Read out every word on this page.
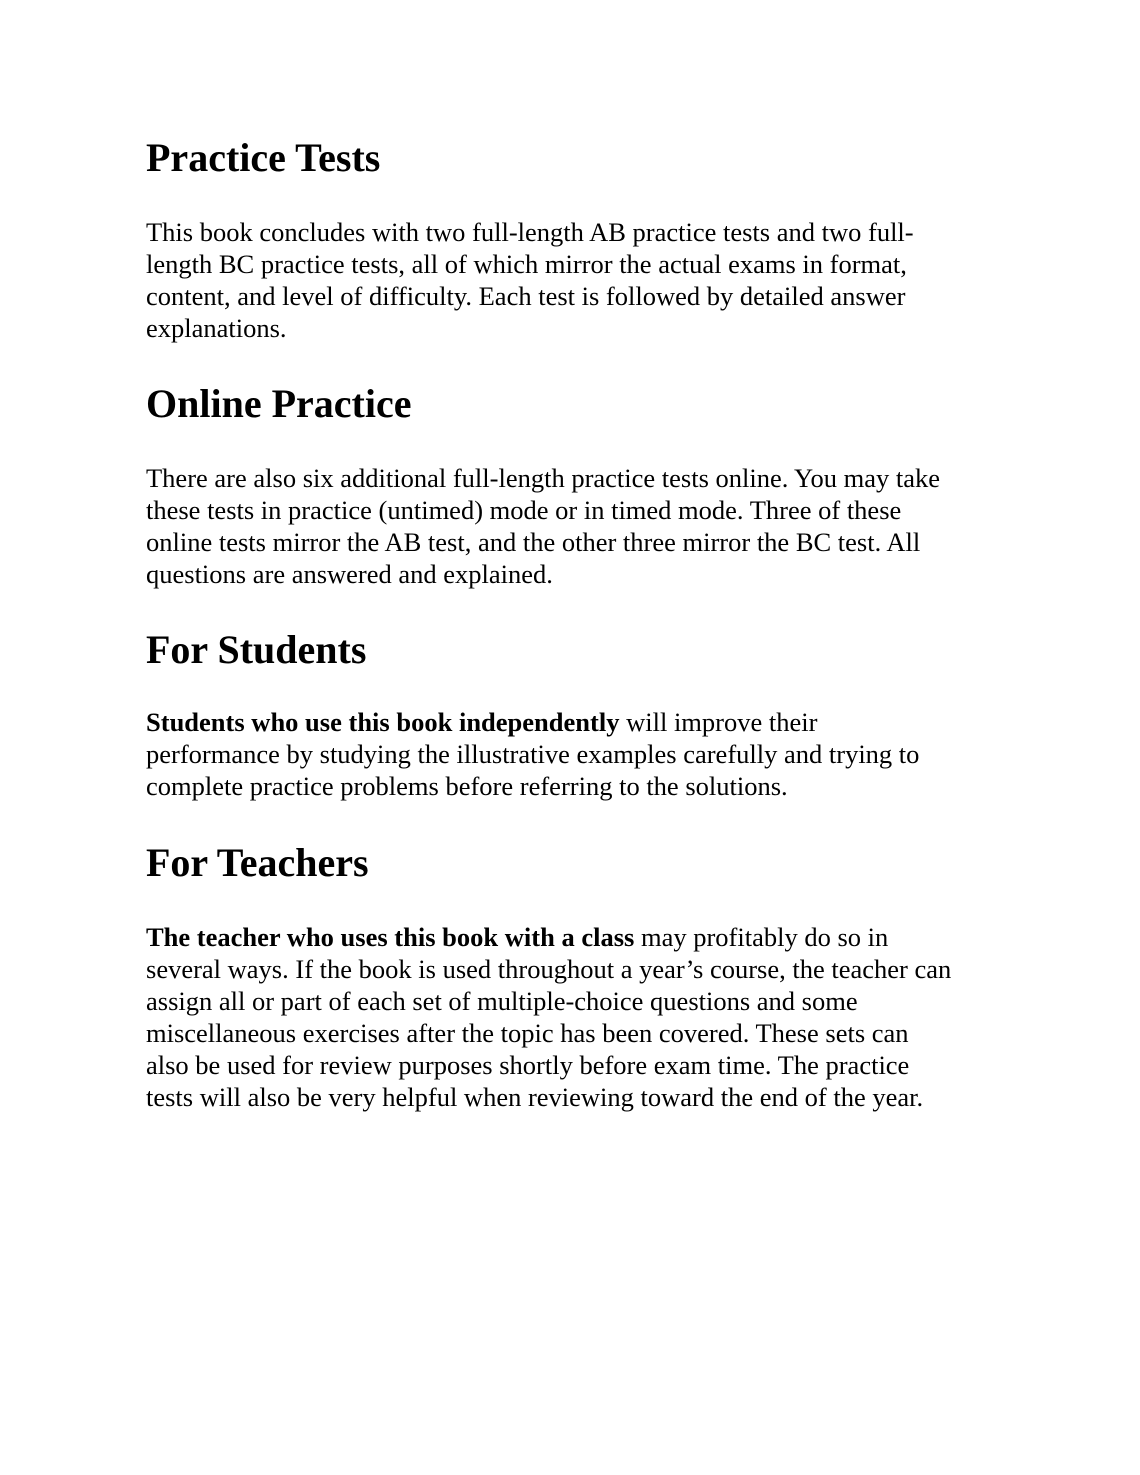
Practice Tests

This book concludes with two full-length AB practice tests and two full-
length BC practice tests, all of which mirror the actual exams in format,
content, and level of difficulty. Each test is followed by detailed answer
explanations.

Online Practice

There are also six additional full-length practice tests online. You may take
these tests in practice (untimed) mode or in timed mode. Three of these
online tests mirror the AB test, and the other three mirror the BC test. All
questions are answered and explained.

For Students

Students who use this book independently will improve their
performance by studying the illustrative examples carefully and trying to
complete practice problems before referring to the solutions.

For Teachers

The teacher who uses this book with a class may profitably do so in
several ways. If the book is used throughout a year’s course, the teacher can
assign all or part of each set of multiple-choice questions and some
miscellaneous exercises after the topic has been covered. These sets can
also be used for review purposes shortly before exam time. The practice
tests will also be very helpful when reviewing toward the end of the year.
